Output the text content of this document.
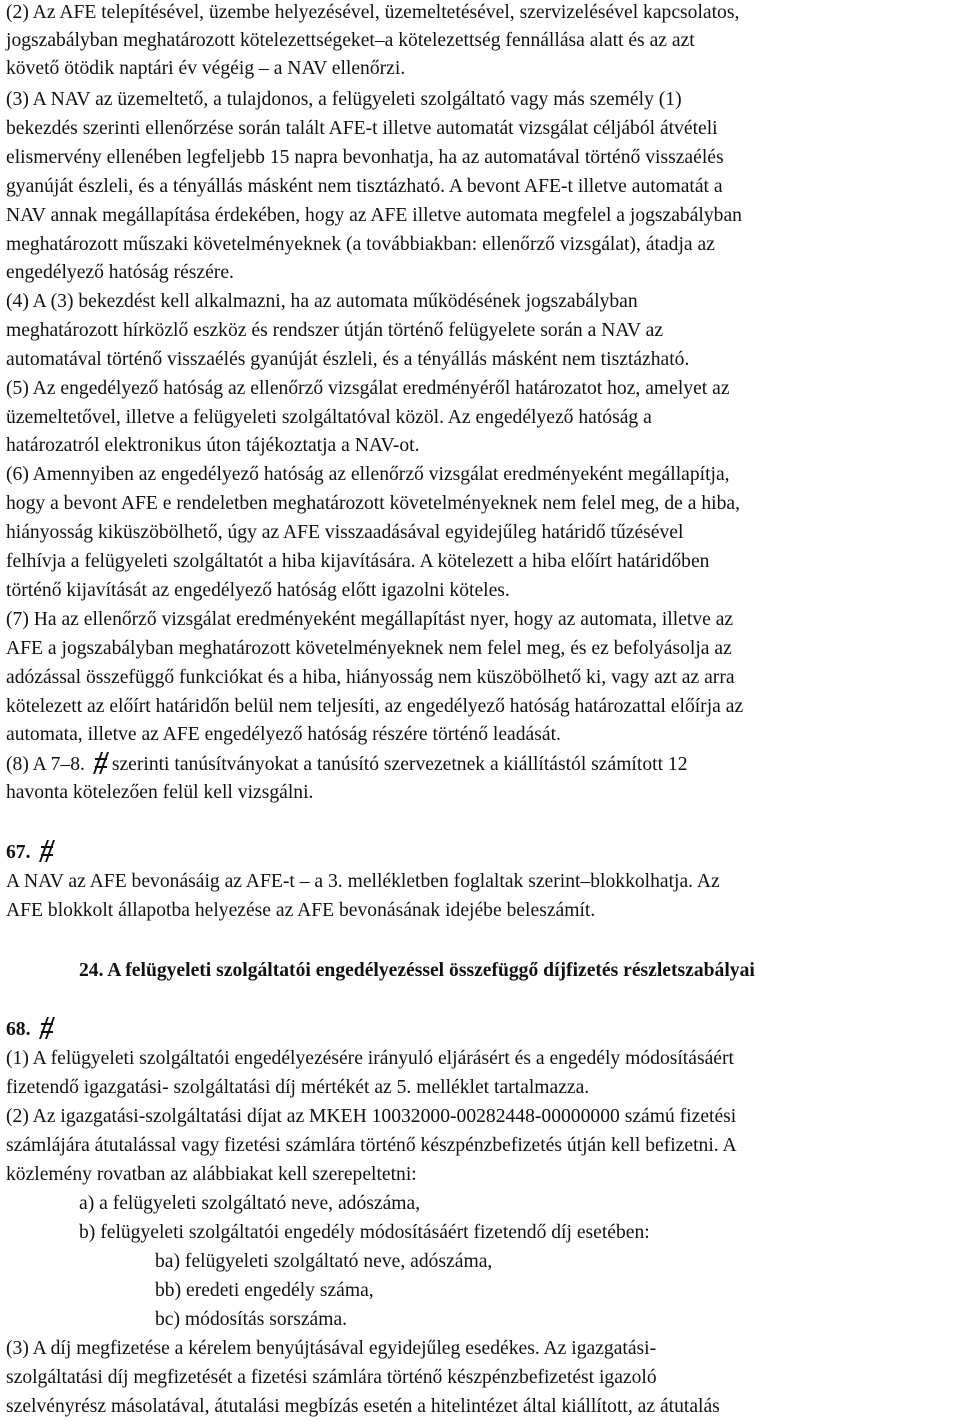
(2) Az AFE telepítésével, üzembe helyezésével, üzemeltetésével, szervizelésével kapcsolatos,
jogszabályban meghatározott kötelezettségeket–a kötelezettség fennállása alatt és az azt
követő ötödik naptári év végéig – a NAV ellenőrzi.
(3) A NAV az üzemeltető, a tulajdonos, a felügyeleti szolgáltató vagy más személy (1)
bekezdés szerinti ellenőrzése során talált AFE-t illetve automatát vizsgálat céljából átvételi
elismervény ellenében legfeljebb 15 napra bevonhatja, ha az automatával történő visszaélés
gyanúját észleli, és a tényállás másként nem tisztázható. A bevont AFE-t illetve automatát a
NAV annak megállapítása érdekében, hogy az AFE illetve automata megfelel a jogszabályban
meghatározott műszaki követelményeknek (a továbbiakban: ellenőrző vizsgálat), átadja az
engedélyező hatóság részére.
(4) A (3) bekezdést kell alkalmazni, ha az automata működésének jogszabályban
meghatározott hírközlő eszköz és rendszer útján történő felügyelete során a NAV az
automatával történő visszaélés gyanúját észleli, és a tényállás másként nem tisztázható.
(5) Az engedélyező hatóság az ellenőrző vizsgálat eredményéről határozatot hoz, amelyet az
üzemeltetővel, illetve a felügyeleti szolgáltatóval közöl. Az engedélyező hatóság a
határozatról elektronikus úton tájékoztatja a NAV-ot.
(6) Amennyiben az engedélyező hatóság az ellenőrző vizsgálat eredményeként megállapítja,
hogy a bevont AFE e rendeletben meghatározott követelményeknek nem felel meg, de a hiba,
hiányosság kiküszöbölhető, úgy az AFE visszaadásával egyidejűleg határidő tűzésével
felhívja a felügyeleti szolgáltatót a hiba kijavítására. A kötelezett a hiba előírt határidőben
történő kijavítását az engedélyező hatóság előtt igazolni köteles.
(7) Ha az ellenőrző vizsgálat eredményeként megállapítást nyer, hogy az automata, illetve az
AFE a jogszabályban meghatározott követelményeknek nem felel meg, és ez befolyásolja az
adózással összefüggő funkciókat és a hiba, hiányosság nem küszöbölhető ki, vagy azt az arra
kötelezett az előírt határidőn belül nem teljesíti, az engedélyező hatóság határozattal előírja az
automata, illetve az AFE engedélyező hatóság részére történő leadását.
(8) A 7–8. szerinti tanúsítványokat a tanúsító szervezetnek a kiállítástól számított 12
havonta kötelezően felül kell vizsgálni.
67.
A NAV az AFE bevonásáig az AFE-t – a 3. mellékletben foglaltak szerint–blokkolhatja. Az
AFE blokkolt állapotba helyezése az AFE bevonásának idejébe beleszámít.
24. A felügyeleti szolgáltatói engedélyezéssel összefüggő díjfizetés részletszabályai
68.
(1) A felügyeleti szolgáltatói engedélyezésére irányuló eljárásért és a engedély módosításáért
fizetendő igazgatási- szolgáltatási díj mértékét az 5. melléklet tartalmazza.
(2) Az igazgatási-szolgáltatási díjat az MKEH 10032000-00282448-00000000 számú fizetési
számlájára átutalással vagy fizetési számlára történő készpénzbefizetés útján kell befizetni. A
közlemény rovatban az alábbiakat kell szerepeltetni:
a) a felügyeleti szolgáltató neve, adószáma,
b) felügyeleti szolgáltatói engedély módosításáért fizetendő díj esetében:
ba) felügyeleti szolgáltató neve, adószáma,
bb) eredeti engedély száma,
bc) módosítás sorszáma.
(3) A díj megfizetése a kérelem benyújtásával egyidejűleg esedékes. Az igazgatási-
szolgáltatási díj megfizetését a fizetési számlára történő készpénzbefizetést igazoló
szelvényrész másolatával, átutalási megbízás esetén a hitelintézet által kiállított, az átutalás
